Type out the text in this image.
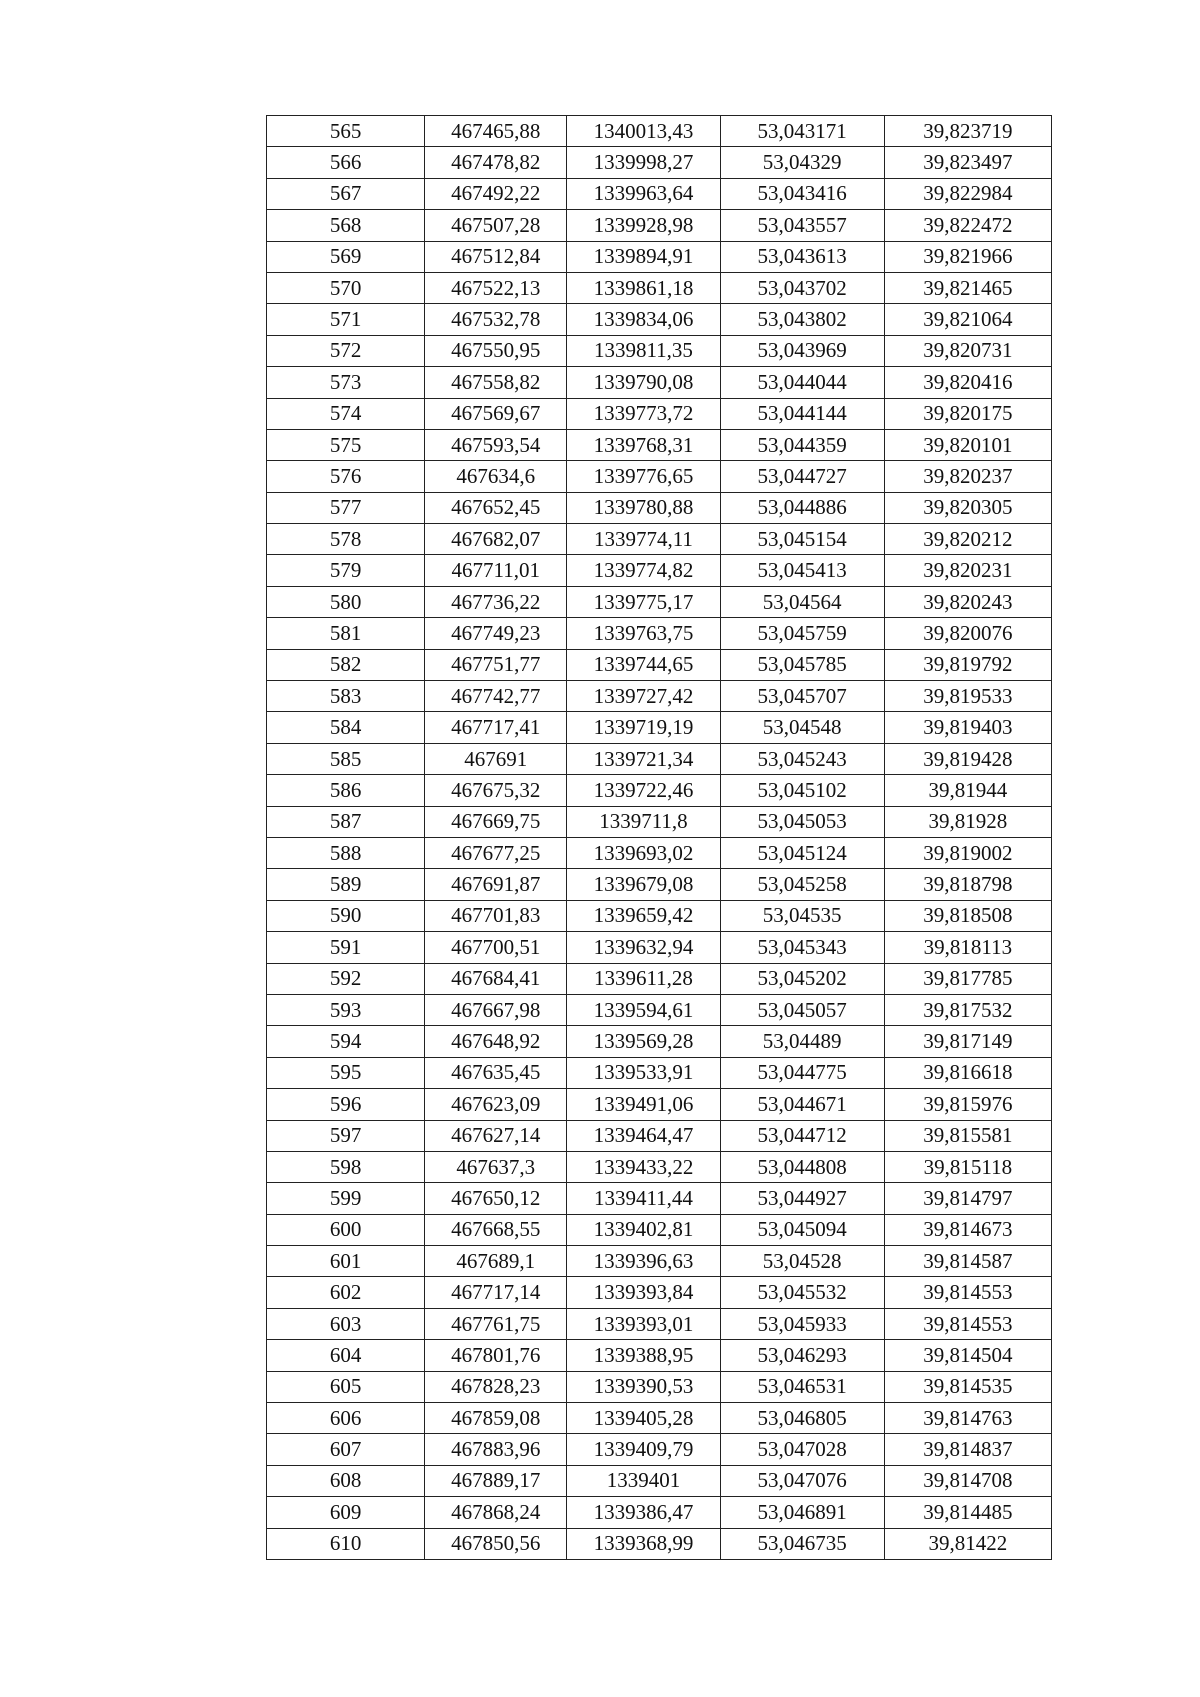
565	467465,88	1340013,43	53,043171	39,823719
566	467478,82	1339998,27	53,04329	39,823497
567	467492,22	1339963,64	53,043416	39,822984
568	467507,28	1339928,98	53,043557	39,822472
569	467512,84	1339894,91	53,043613	39,821966
570	467522,13	1339861,18	53,043702	39,821465
571	467532,78	1339834,06	53,043802	39,821064
572	467550,95	1339811,35	53,043969	39,820731
573	467558,82	1339790,08	53,044044	39,820416
574	467569,67	1339773,72	53,044144	39,820175
575	467593,54	1339768,31	53,044359	39,820101
576	467634,6	1339776,65	53,044727	39,820237
577	467652,45	1339780,88	53,044886	39,820305
578	467682,07	1339774,11	53,045154	39,820212
579	467711,01	1339774,82	53,045413	39,820231
580	467736,22	1339775,17	53,04564	39,820243
581	467749,23	1339763,75	53,045759	39,820076
582	467751,77	1339744,65	53,045785	39,819792
583	467742,77	1339727,42	53,045707	39,819533
584	467717,41	1339719,19	53,04548	39,819403
585	467691	1339721,34	53,045243	39,819428
586	467675,32	1339722,46	53,045102	39,81944
587	467669,75	1339711,8	53,045053	39,81928
588	467677,25	1339693,02	53,045124	39,819002
589	467691,87	1339679,08	53,045258	39,818798
590	467701,83	1339659,42	53,04535	39,818508
591	467700,51	1339632,94	53,045343	39,818113
592	467684,41	1339611,28	53,045202	39,817785
593	467667,98	1339594,61	53,045057	39,817532
594	467648,92	1339569,28	53,04489	39,817149
595	467635,45	1339533,91	53,044775	39,816618
596	467623,09	1339491,06	53,044671	39,815976
597	467627,14	1339464,47	53,044712	39,815581
598	467637,3	1339433,22	53,044808	39,815118
599	467650,12	1339411,44	53,044927	39,814797
600	467668,55	1339402,81	53,045094	39,814673
601	467689,1	1339396,63	53,04528	39,814587
602	467717,14	1339393,84	53,045532	39,814553
603	467761,75	1339393,01	53,045933	39,814553
604	467801,76	1339388,95	53,046293	39,814504
605	467828,23	1339390,53	53,046531	39,814535
606	467859,08	1339405,28	53,046805	39,814763
607	467883,96	1339409,79	53,047028	39,814837
608	467889,17	1339401	53,047076	39,814708
609	467868,24	1339386,47	53,046891	39,814485
610	467850,56	1339368,99	53,046735	39,81422
